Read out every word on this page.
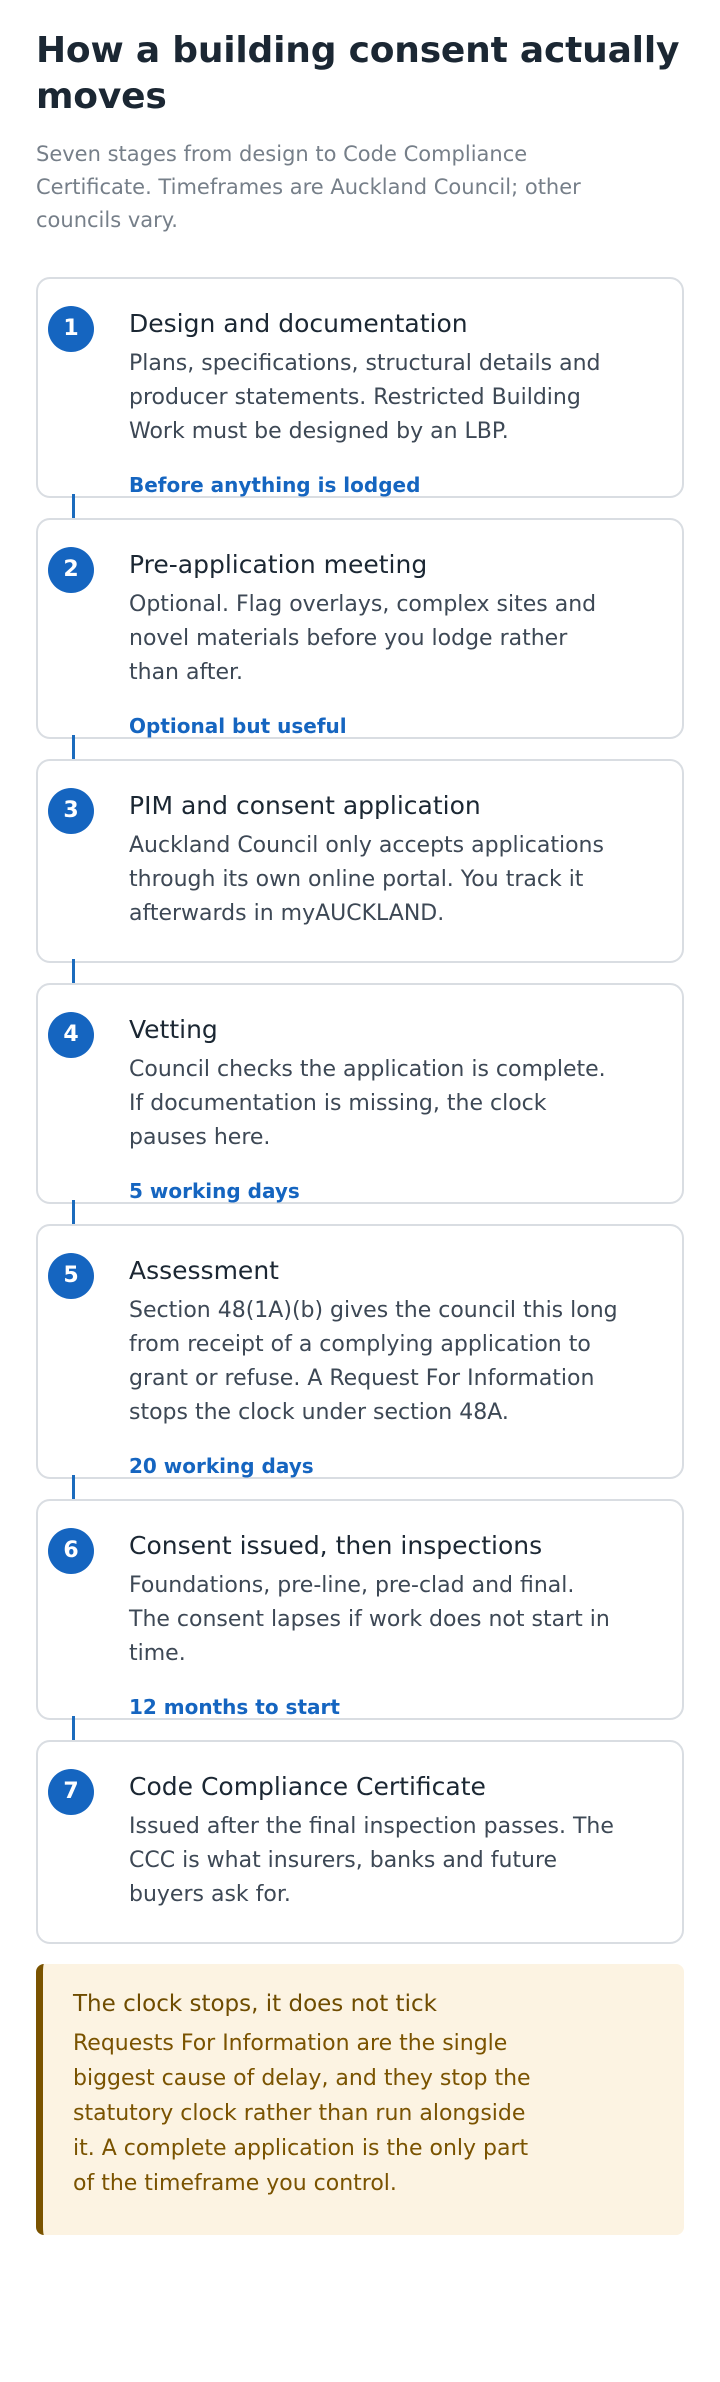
How a building consent actually moves

Seven stages from design to Code Compliance Certificate. Timeframes are Auckland Council; other councils vary.

1	Design and documentation
Plans, specifications, structural details and producer statements. Restricted Building Work must be designed by an LBP.
Before anything is lodged
2	Pre-application meeting
Optional. Flag overlays, complex sites and novel materials before you lodge rather than after.
Optional but useful
3	PIM and consent application
Auckland Council only accepts applications through its own online portal. You track it afterwards in myAUCKLAND.
4	Vetting
Council checks the application is complete. If documentation is missing, the clock pauses here.
5 working days
5	Assessment
Section 48(1A)(b) gives the council this long from receipt of a complying application to grant or refuse. A Request For Information stops the clock under section 48A.
20 working days
6	Consent issued, then inspections
Foundations, pre-line, pre-clad and final. The consent lapses if work does not start in time.
12 months to start
7	Code Compliance Certificate
Issued after the final inspection passes. The CCC is what insurers, banks and future buyers ask for.
The clock stops, it does not tick
Requests For Information are the single biggest cause of delay, and they stop the statutory clock rather than run alongside it. A complete application is the only part of the timeframe you control.
